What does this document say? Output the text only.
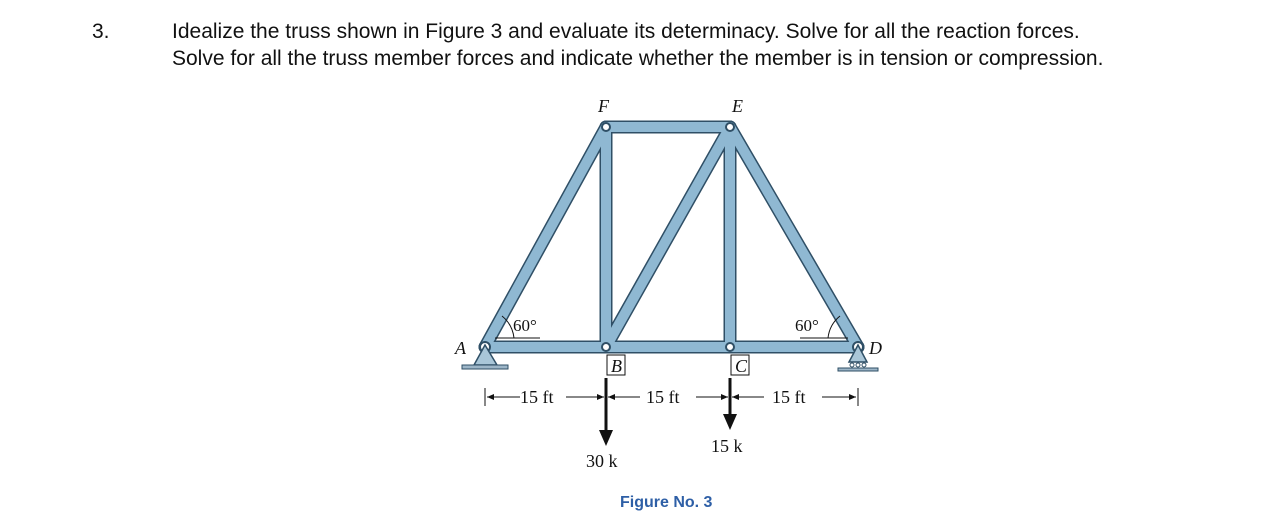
3.	Idealize the truss shown in Figure 3 and evaluate its determinacy. Solve for all the reaction forces.
Solve for all the truss member forces and indicate whether the member is in tension or compression.
F	E
A	D
B	C
60°	60°
15 ft	15 ft	15 ft
30 k
15 k
Figure No. 3
